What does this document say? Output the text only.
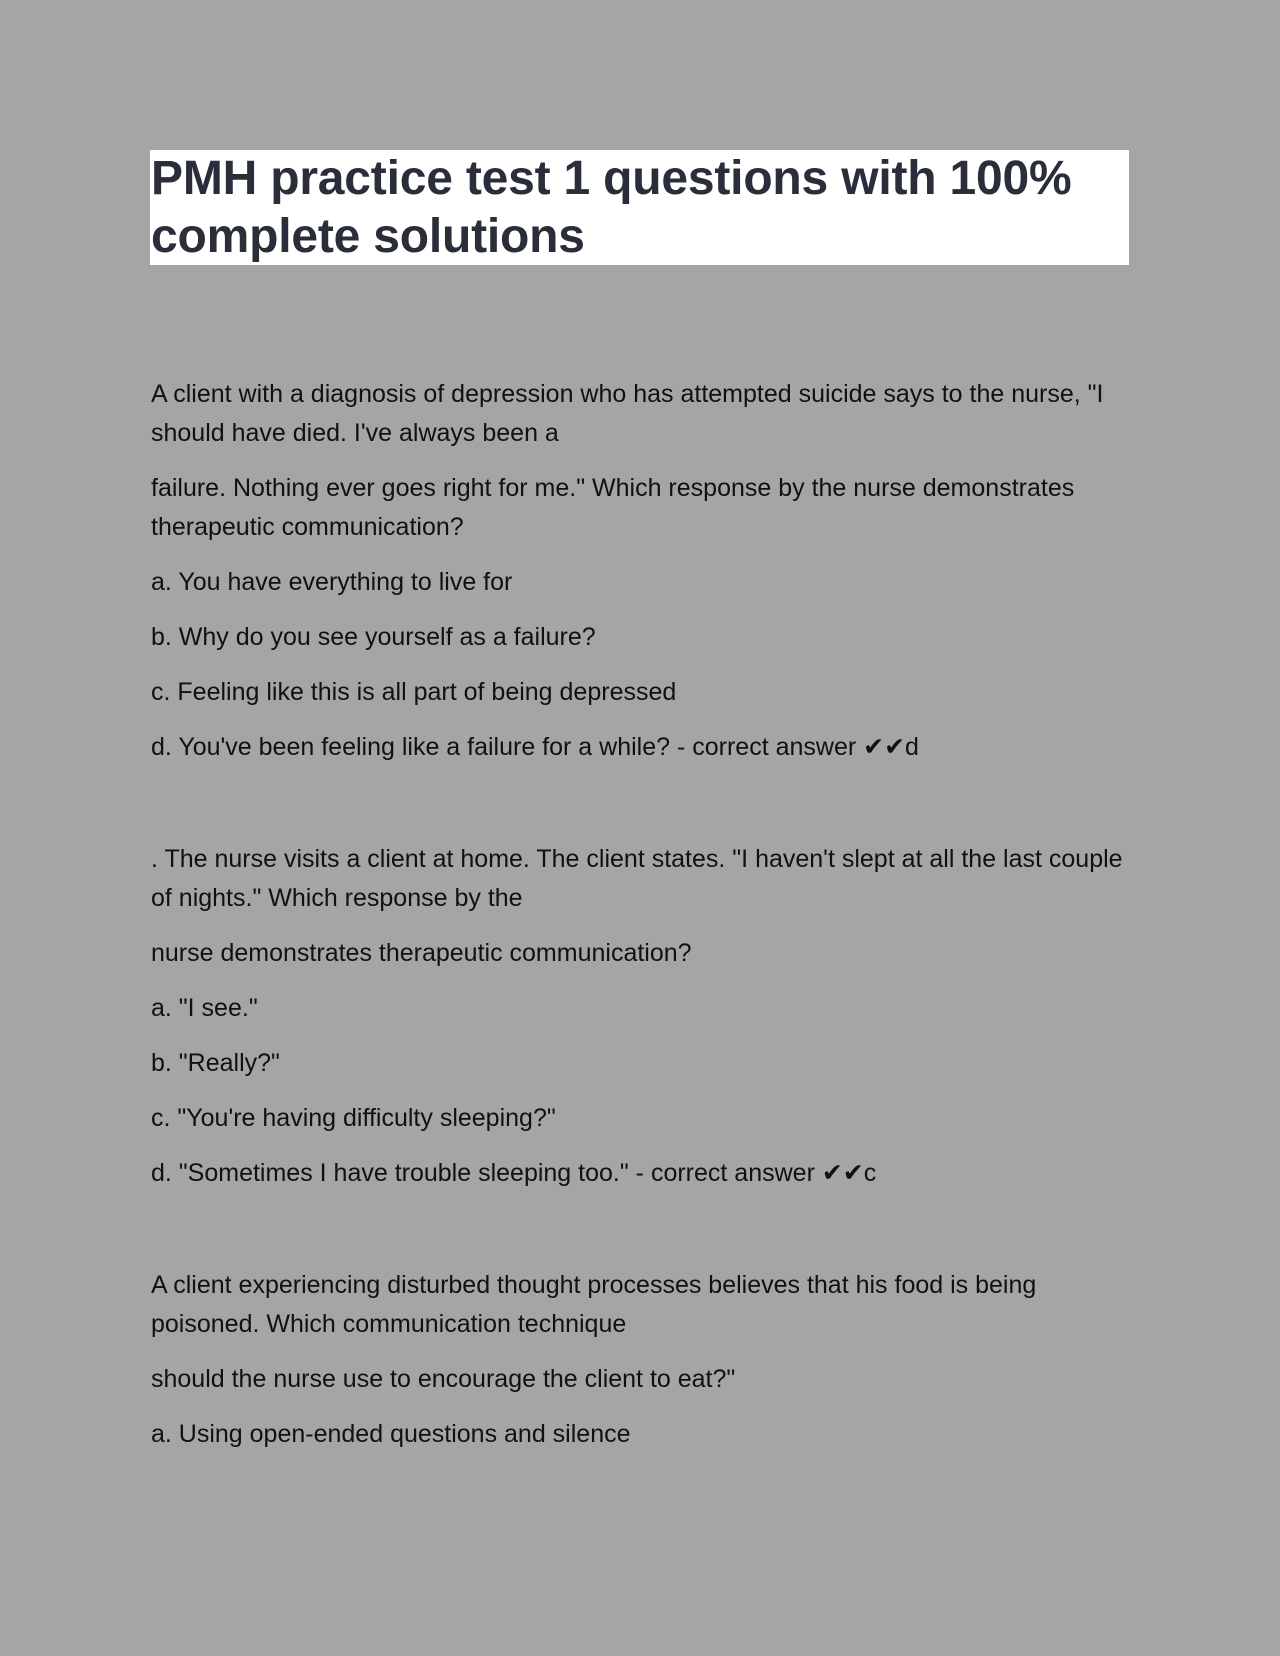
PMH practice test 1 questions with 100% complete solutions
A client with a diagnosis of depression who has attempted suicide says to the nurse, "I should have died. I've always been a
failure. Nothing ever goes right for me." Which response by the nurse demonstrates therapeutic communication?
a. You have everything to live for
b. Why do you see yourself as a failure?
c. Feeling like this is all part of being depressed
d. You've been feeling like a failure for a while? - correct answer ✔✔d
. The nurse visits a client at home. The client states. "I haven't slept at all the last couple of nights." Which response by the
nurse demonstrates therapeutic communication?
a. "I see."
b. "Really?"
c. "You're having difficulty sleeping?"
d. "Sometimes I have trouble sleeping too." - correct answer ✔✔c
A client experiencing disturbed thought processes believes that his food is being poisoned. Which communication technique
should the nurse use to encourage the client to eat?"
a. Using open-ended questions and silence
